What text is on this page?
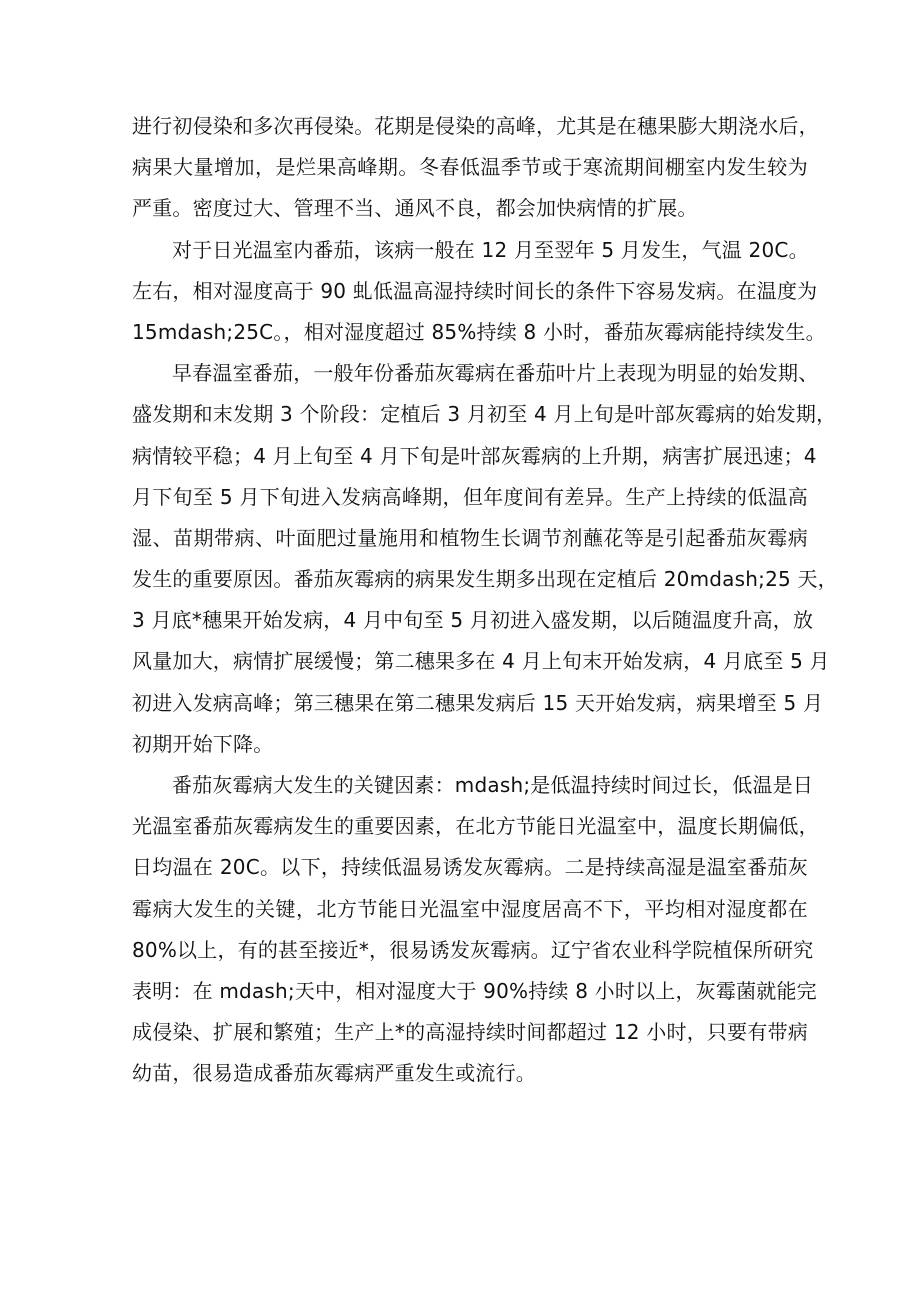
进行初侵染和多次再侵染。花期是侵染的高峰，尤其是在穗果膨大期浇水后，
病果大量增加，是烂果高峰期。冬春低温季节或于寒流期间棚室内发生较为
严重。密度过大、管理不当、通风不良，都会加快病情的扩展。

对于日光温室内番茄，该病一般在 12 月至翌年 5 月发生，气温 20C。
左右，相对湿度高于 90 虬低温高湿持续时间长的条件下容易发病。在温度为
15mdash;25C。，相对湿度超过 85%持续 8 小时，番茄灰霉病能持续发生。

早春温室番茄，一般年份番茄灰霉病在番茄叶片上表现为明显的始发期、
盛发期和末发期 3 个阶段：定植后 3 月初至 4 月上旬是叶部灰霉病的始发期，
病情较平稳；4 月上旬至 4 月下旬是叶部灰霉病的上升期，病害扩展迅速；4
月下旬至 5 月下旬进入发病高峰期，但年度间有差异。生产上持续的低温高
湿、苗期带病、叶面肥过量施用和植物生长调节剂蘸花等是引起番茄灰霉病
发生的重要原因。番茄灰霉病的病果发生期多出现在定植后 20mdash;25 天，
3 月底*穗果开始发病，4 月中旬至 5 月初进入盛发期，以后随温度升高，放
风量加大，病情扩展缓慢；第二穗果多在 4 月上旬末开始发病，4 月底至 5 月
初进入发病高峰；第三穗果在第二穗果发病后 15 天开始发病，病果增至 5 月
初期开始下降。

番茄灰霉病大发生的关键因素：mdash;是低温持续时间过长，低温是日
光温室番茄灰霉病发生的重要因素，在北方节能日光温室中，温度长期偏低，
日均温在 20C。以下，持续低温易诱发灰霉病。二是持续高湿是温室番茄灰
霉病大发生的关键，北方节能日光温室中湿度居高不下，平均相对湿度都在
80%以上，有的甚至接近*，很易诱发灰霉病。辽宁省农业科学院植保所研究
表明：在 mdash;天中，相对湿度大于 90%持续 8 小时以上，灰霉菌就能完
成侵染、扩展和繁殖；生产上*的高湿持续时间都超过 12 小时，只要有带病
幼苗，很易造成番茄灰霉病严重发生或流行。
